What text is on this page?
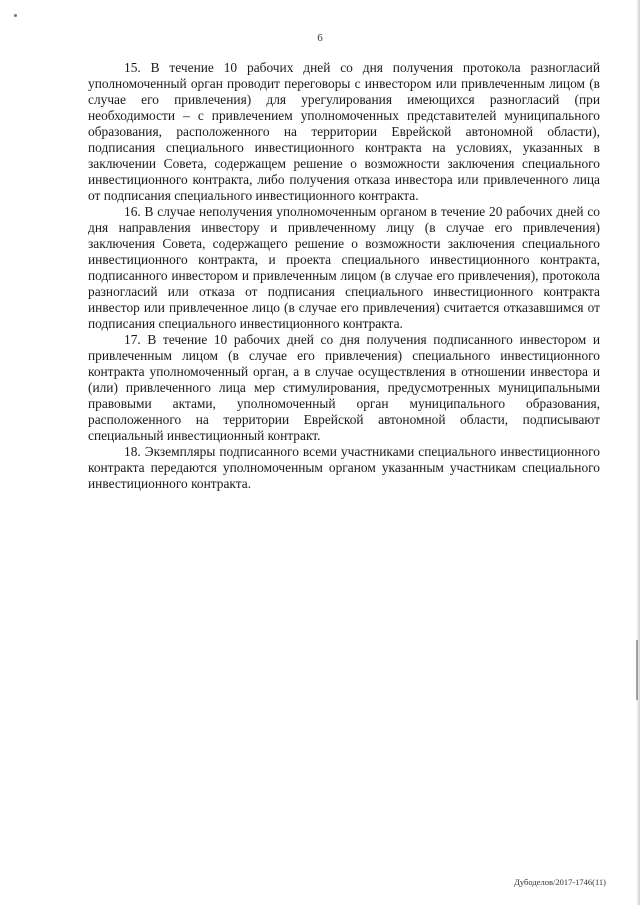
6

15. В течение 10 рабочих дней со дня получения протокола разногласий уполномоченный орган проводит переговоры с инвестором или привлеченным лицом (в случае его привлечения) для урегулирования имеющихся разногласий (при необходимости – с привлечением уполномоченных представителей муниципального образования, расположенного на территории Еврейской автономной области), подписания специального инвестиционного контракта на условиях, указанных в заключении Совета, содержащем решение о возможности заключения специального инвестиционного контракта, либо получения отказа инвестора или привлеченного лица от подписания специального инвестиционного контракта.

16. В случае неполучения уполномоченным органом в течение 20 рабочих дней со дня направления инвестору и привлеченному лицу (в случае его привлечения) заключения Совета, содержащего решение о возможности заключения специального инвестиционного контракта, и проекта специального инвестиционного контракта, подписанного инвестором и привлеченным лицом (в случае его привлечения), протокола разногласий или отказа от подписания специального инвестиционного контракта инвестор или привлеченное лицо (в случае его привлечения) считается отказавшимся от подписания специального инвестиционного контракта.

17. В течение 10 рабочих дней со дня получения подписанного инвестором и привлеченным лицом (в случае его привлечения) специального инвестиционного контракта уполномоченный орган, а в случае осуществления в отношении инвестора и (или) привлеченного лица мер стимулирования, предусмотренных муниципальными правовыми актами, уполномоченный орган муниципального образования, расположенного на территории Еврейской автономной области, подписывают специальный инвестиционный контракт.

18. Экземпляры подписанного всеми участниками специального инвестиционного контракта передаются уполномоченным органом указанным участникам специального инвестиционного контракта.

Дубоделов/2017-1746(11)
